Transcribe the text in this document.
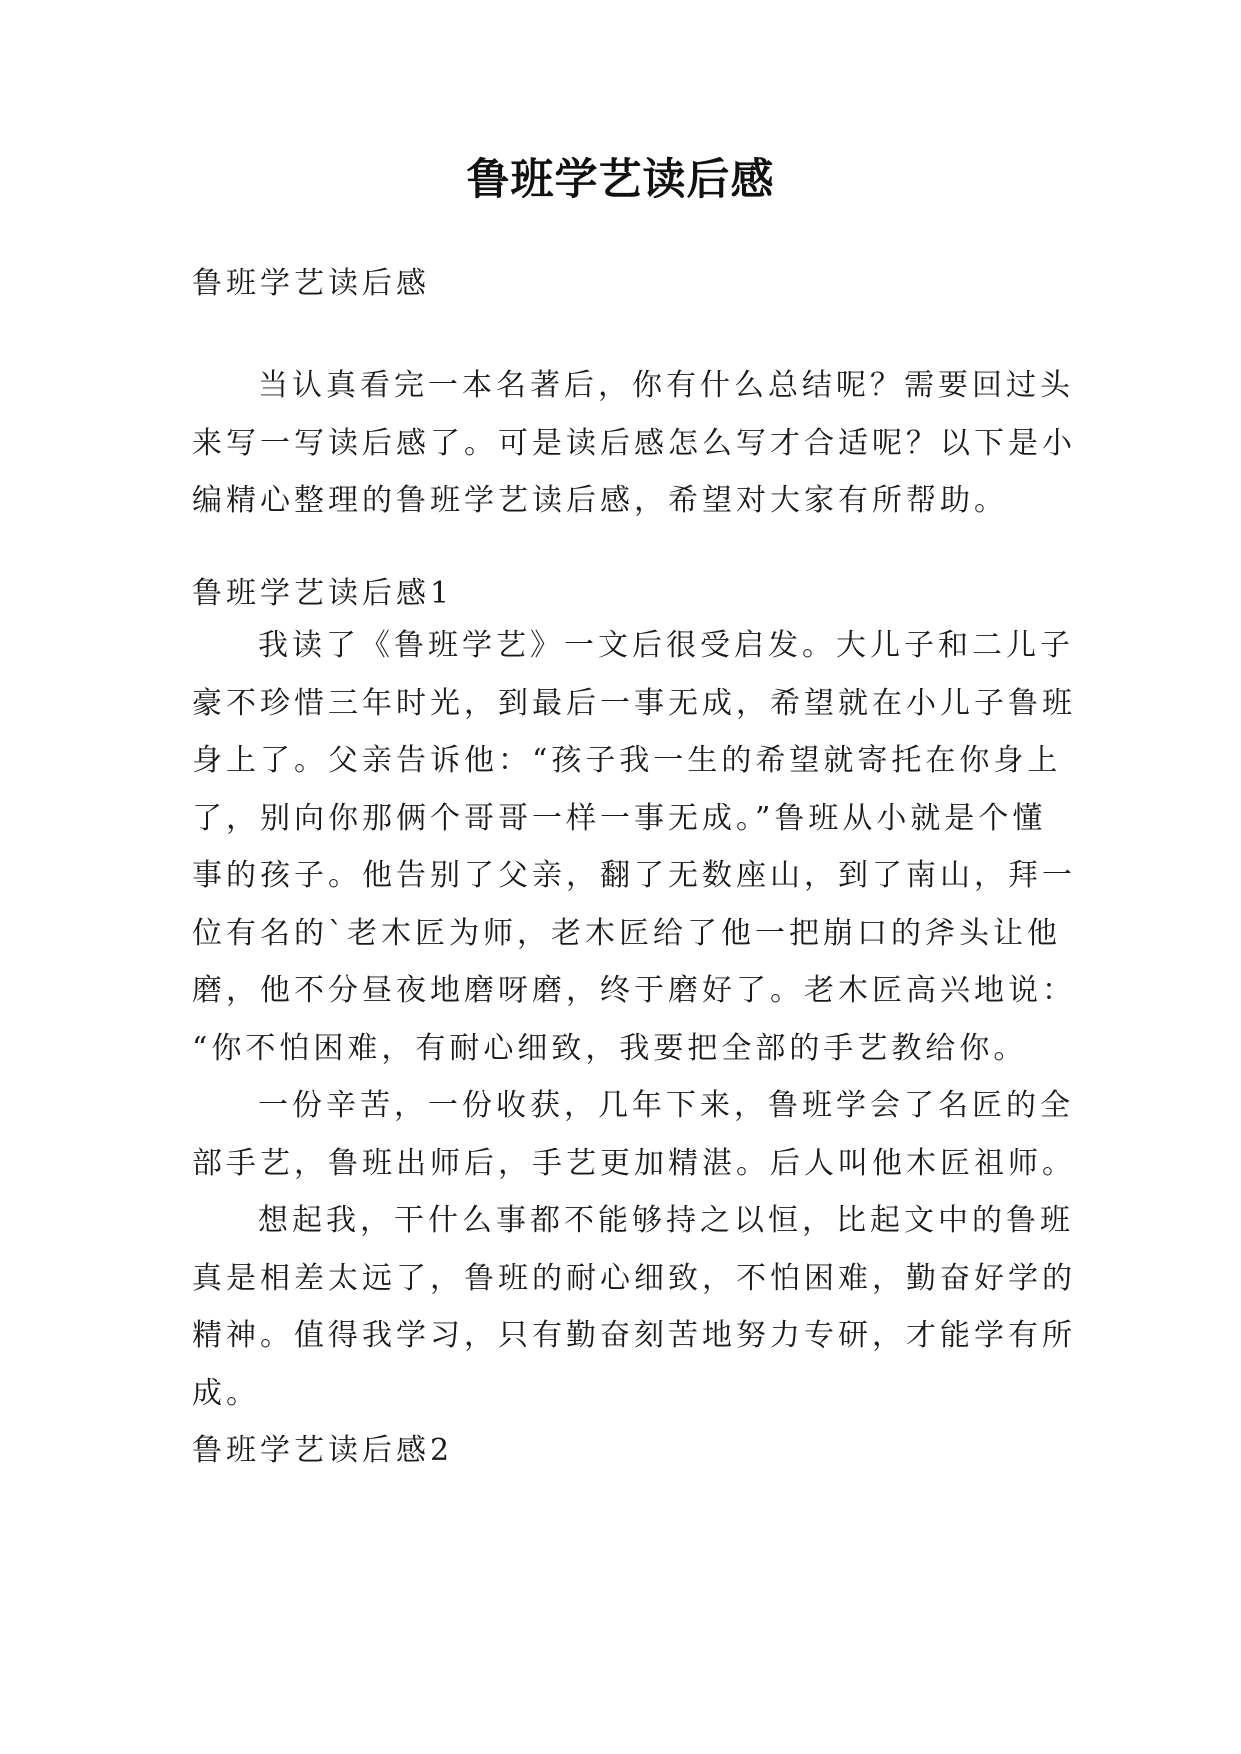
鲁班学艺读后感

鲁班学艺读后感

当认真看完一本名著后，你有什么总结呢？需要回过头
来写一写读后感了。可是读后感怎么写才合适呢？以下是小
编精心整理的鲁班学艺读后感，希望对大家有所帮助。

鲁班学艺读后感1

我读了《鲁班学艺》一文后很受启发。大儿子和二儿子
豪不珍惜三年时光，到最后一事无成，希望就在小儿子鲁班
身上了。父亲告诉他：“孩子我一生的希望就寄托在你身上
了，别向你那俩个哥哥一样一事无成。”鲁班从小就是个懂
事的孩子。他告别了父亲，翻了无数座山，到了南山，拜一
位有名的`老木匠为师，老木匠给了他一把崩口的斧头让他
磨，他不分昼夜地磨呀磨，终于磨好了。老木匠高兴地说：
“你不怕困难，有耐心细致，我要把全部的手艺教给你。

一份辛苦，一份收获，几年下来，鲁班学会了名匠的全
部手艺，鲁班出师后，手艺更加精湛。后人叫他木匠祖师。

想起我，干什么事都不能够持之以恒，比起文中的鲁班
真是相差太远了，鲁班的耐心细致，不怕困难，勤奋好学的
精神。值得我学习，只有勤奋刻苦地努力专研，才能学有所
成。

鲁班学艺读后感2
